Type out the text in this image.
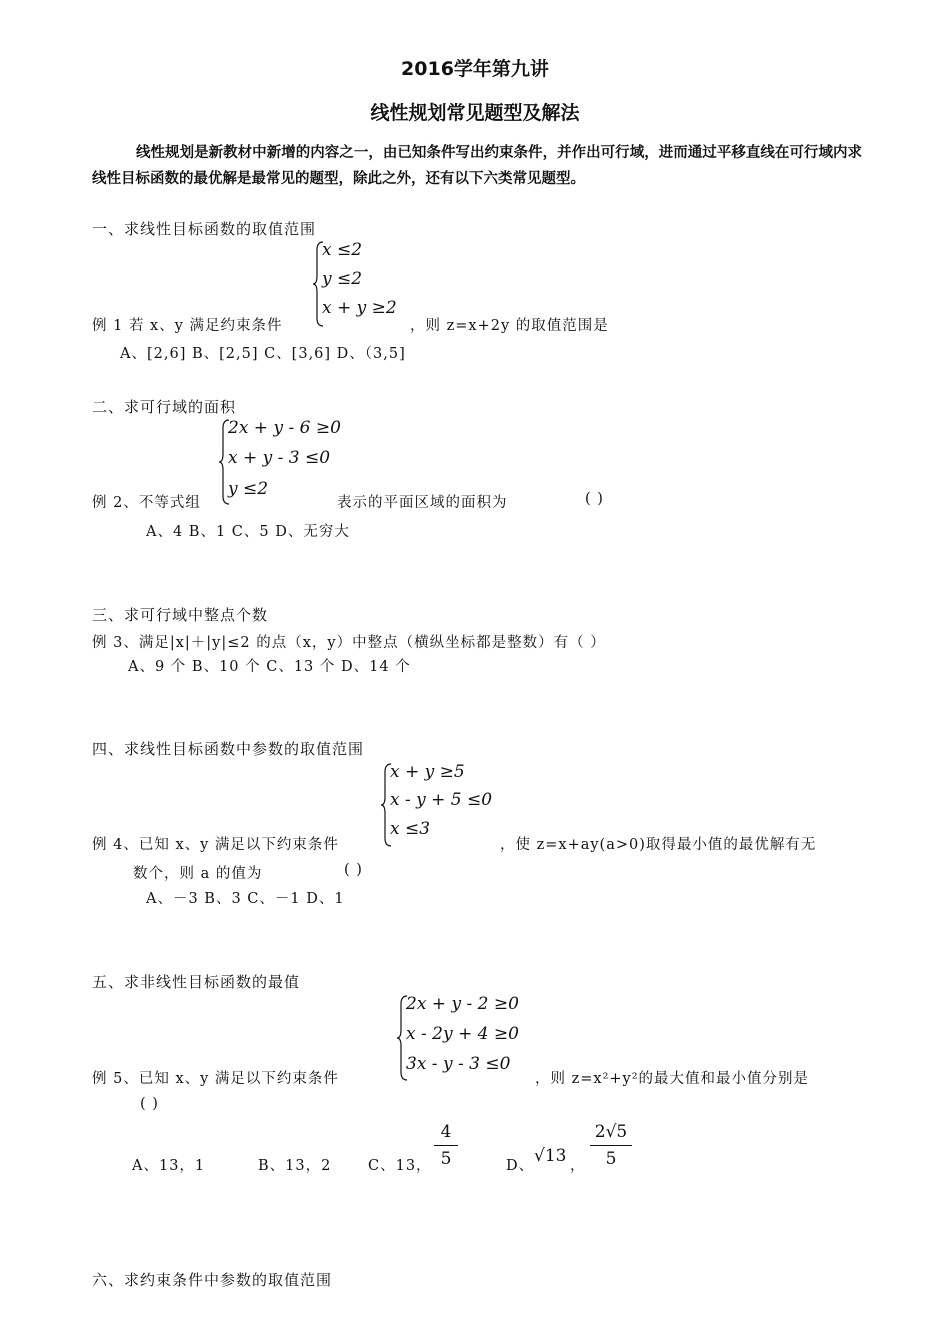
2016学年第九讲
线性规划常见题型及解法
线性规划是新教材中新增的内容之一，由已知条件写出约束条件，并作出可行域，进而通过平移直线在可行域内求线性目标函数的最优解是最常见的题型，除此之外，还有以下六类常见题型。
一、求线性目标函数的取值范围
x ≤2
y ≤2
x + y ≥2
例 1 若 x、y 满足约束条件	，则 z=x+2y 的取值范围是
A、[2,6] B、[2,5] C、[3,6] D、（3,5]
二、求可行域的面积
2x + y - 6 ≥0
x + y - 3 ≤0
y ≤2
例 2、不等式组	表示的平面区域的面积为	( )
A、4 B、1 C、5 D、无穷大
三、求可行域中整点个数
例 3、满足|x|＋|y|≤2 的点（x，y）中整点（横纵坐标都是整数）有（ ）
A、9 个 B、10 个 C、13 个 D、14 个
四、求线性目标函数中参数的取值范围
x + y ≥5
x - y + 5 ≤0
x ≤3
例 4、已知 x、y 满足以下约束条件	，使 z=x+ay(a>0)取得最小值的最优解有无
数个，则 a 的值为	( )
A、－3 B、3 C、－1 D、1
五、求非线性目标函数的最值
2x + y - 2 ≥0
x - 2y + 4 ≥0
3x - y - 3 ≤0
例 5、已知 x、y 满足以下约束条件	，则 z=x²+y²的最大值和最小值分别是
( )
A、13，1	B、13，2	C、13，
4
5	D、 √13 ，
2√5
5
六、求约束条件中参数的取值范围
